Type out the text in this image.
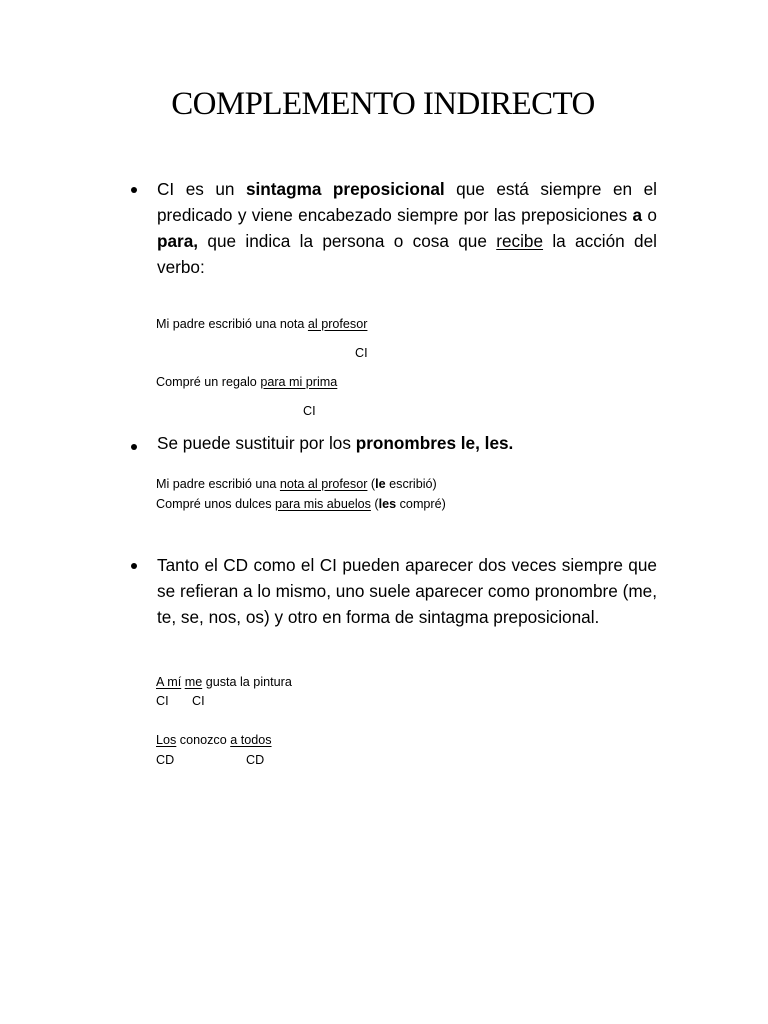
COMPLEMENTO INDIRECTO
CI es un sintagma preposicional que está siempre en el predicado y viene encabezado siempre por las preposiciones a o para, que indica la persona o cosa que recibe la acción del verbo:
Mi padre escribió una nota al profesor
CI
Compré un regalo para mi prima
CI
Se puede sustituir por los pronombres le, les.
Mi padre escribió una nota al profesor (le escribió)
Compré unos dulces para mis abuelos (les compré)
Tanto el CD como el CI pueden aparecer dos veces siempre que se refieran a lo mismo, uno suele aparecer como pronombre (me, te, se, nos, os) y otro en forma de sintagma preposicional.
A mí me gusta la pintura
CI CI
Los conozco a todos
CD	CD
